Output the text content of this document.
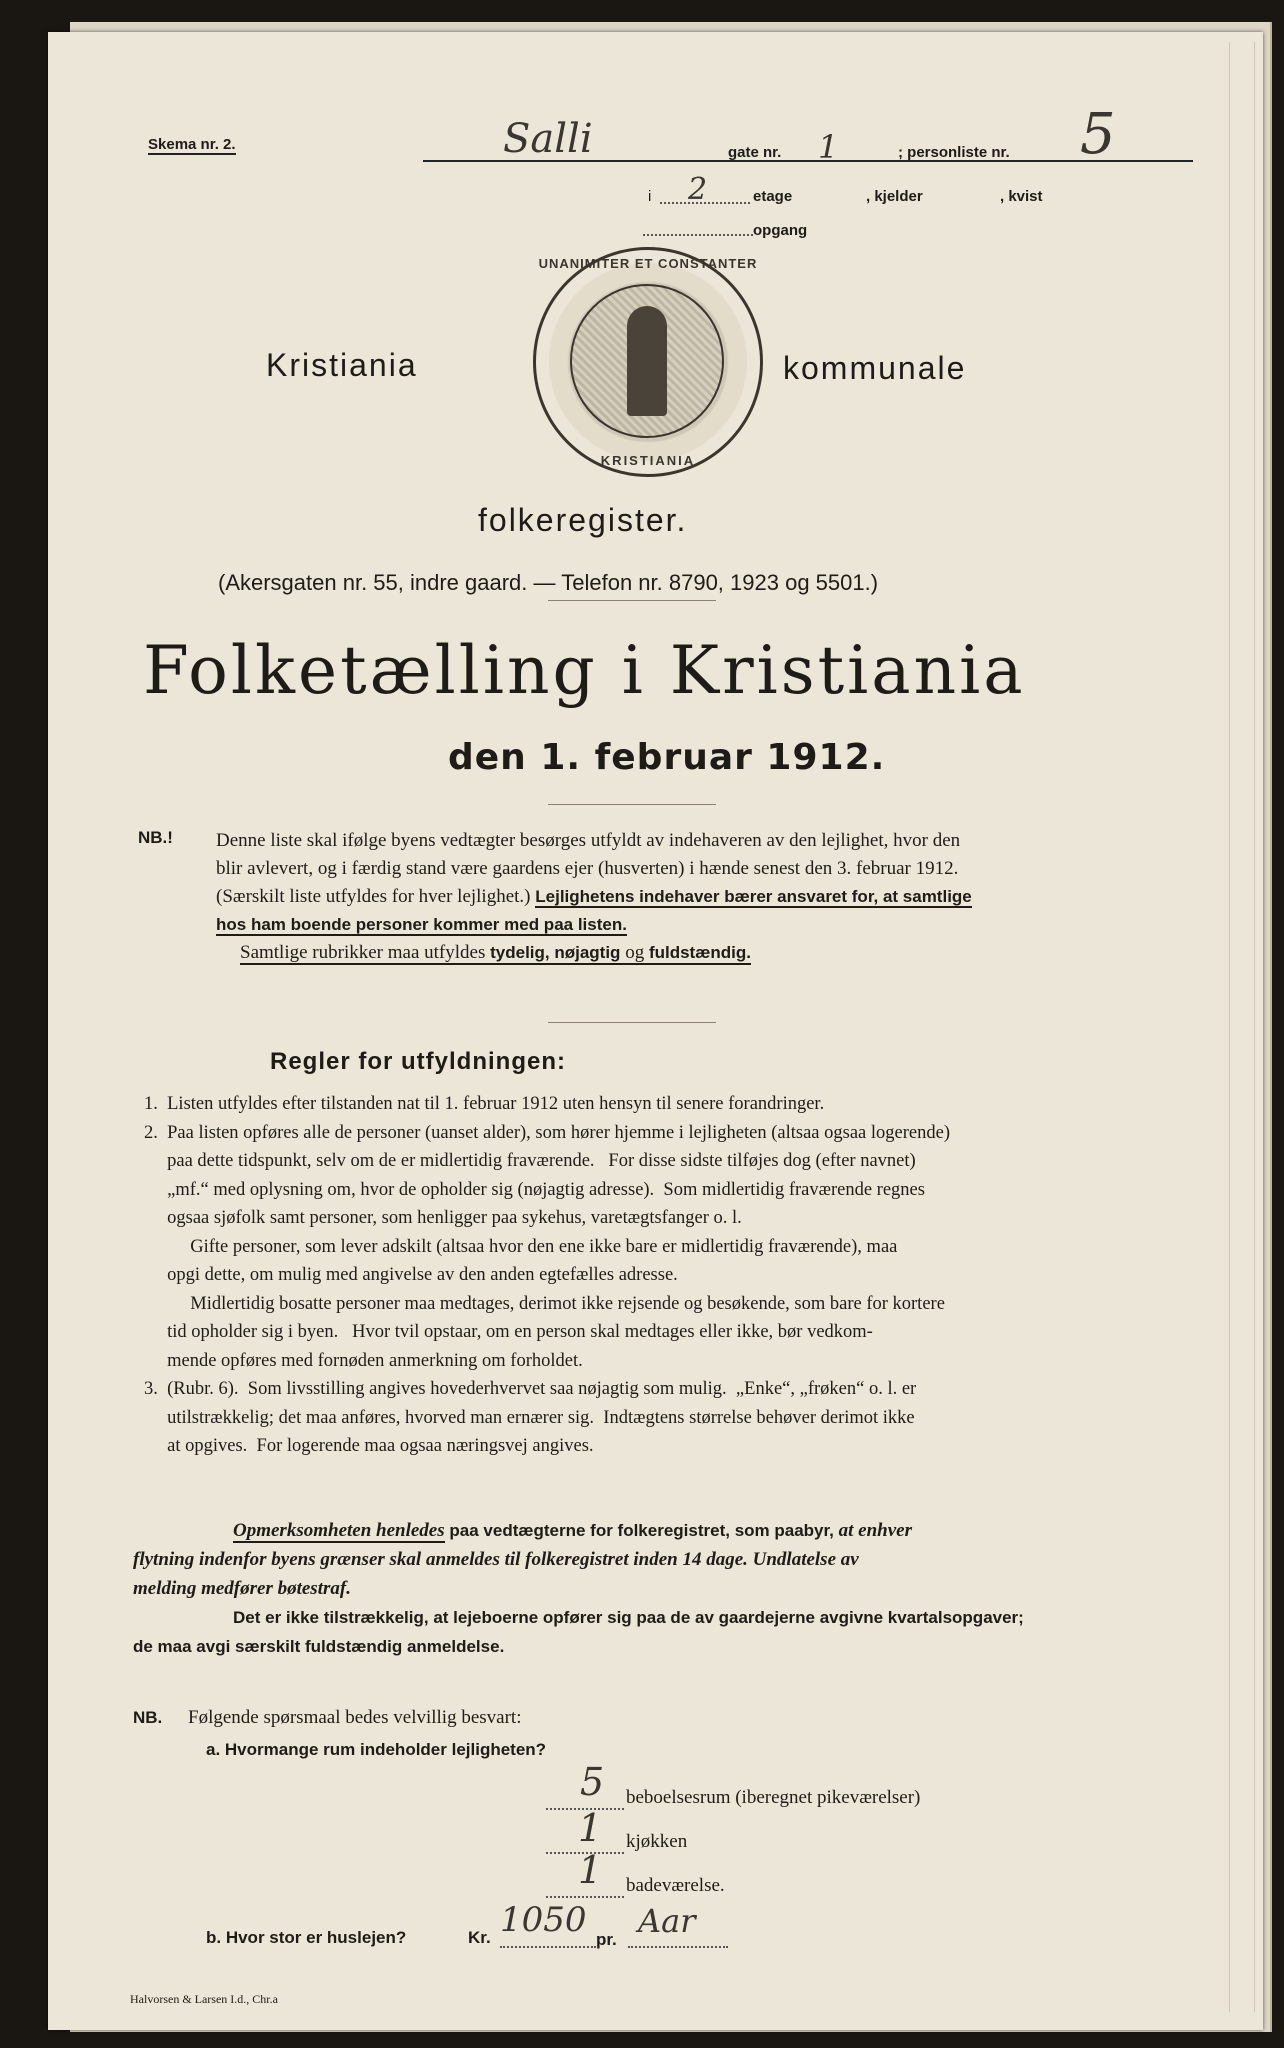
Skema nr. 2.	Salli	gate nr. 1	; personliste nr. 5
i 2	etage	, kjelder	, kvist
opgang
Kristiania
UNANIMITER ET CONSTANTER
KRISTIANIA
kommunale
folkeregister.
(Akersgaten nr. 55, indre gaard. — Telefon nr. 8790, 1923 og 5501.)
Folketælling i Kristiania
den 1. februar 1912.
NB.! Denne liste skal ifølge byens vedtægter besørges utfyldt av indehaveren av den lejlighet, hvor den
blir avlevert, og i færdig stand være gaardens ejer (husverten) i hænde senest den 3. februar 1912.
(Særskilt liste utfyldes for hver lejlighet.) Lejlighetens indehaver bærer ansvaret for, at samtlige
hos ham boende personer kommer med paa listen.
Samtlige rubrikker maa utfyldes tydelig, nøjagtig og fuldstændig.
Regler for utfyldningen:
1.  Listen utfyldes efter tilstanden nat til 1. februar 1912 uten hensyn til senere forandringer.
2.  Paa listen opføres alle de personer (uanset alder), som hører hjemme i lejligheten (altsaa ogsaa logerende)
paa dette tidspunkt, selv om de er midlertidig fraværende.   For disse sidste tilføjes dog (efter navnet)
„mf.“ med oplysning om, hvor de opholder sig (nøjagtig adresse).  Som midlertidig fraværende regnes
ogsaa sjøfolk samt personer, som henligger paa sykehus, varetægtsfanger o. l.
Gifte personer, som lever adskilt (altsaa hvor den ene ikke bare er midlertidig fraværende), maa
opgi dette, om mulig med angivelse av den anden egtefælles adresse.
Midlertidig bosatte personer maa medtages, derimot ikke rejsende og besøkende, som bare for kortere
tid opholder sig i byen.   Hvor tvil opstaar, om en person skal medtages eller ikke, bør vedkom-
mende opføres med fornøden anmerkning om forholdet.
3.  (Rubr. 6).  Som livsstilling angives hovederhvervet saa nøjagtig som mulig.  „Enke“, „frøken“ o. l. er
utilstrækkelig; det maa anføres, hvorved man ernærer sig.  Indtægtens størrelse behøver derimot ikke
at opgives.  For logerende maa ogsaa næringsvej angives.
Opmerksomheten henledes paa vedtægterne for folkeregistret, som paabyr, at enhver
flytning indenfor byens grænser skal anmeldes til folkeregistret inden 14 dage. Undlatelse av
melding medfører bøtestraf.
Det er ikke tilstrækkelig, at lejeboerne opfører sig paa de av gaardejerne avgivne kvartalsopgaver;
de maa avgi særskilt fuldstændig anmeldelse.
NB. Følgende spørsmaal bedes velvillig besvart:
a. Hvormange rum indeholder lejligheten?
5 beboelsesrum (iberegnet pikeværelser)
1 kjøkken
1 badeværelse.
b. Hvor stor er huslejen?	Kr. 1050 pr. Aar
Halvorsen & Larsen I.d., Chr.a
